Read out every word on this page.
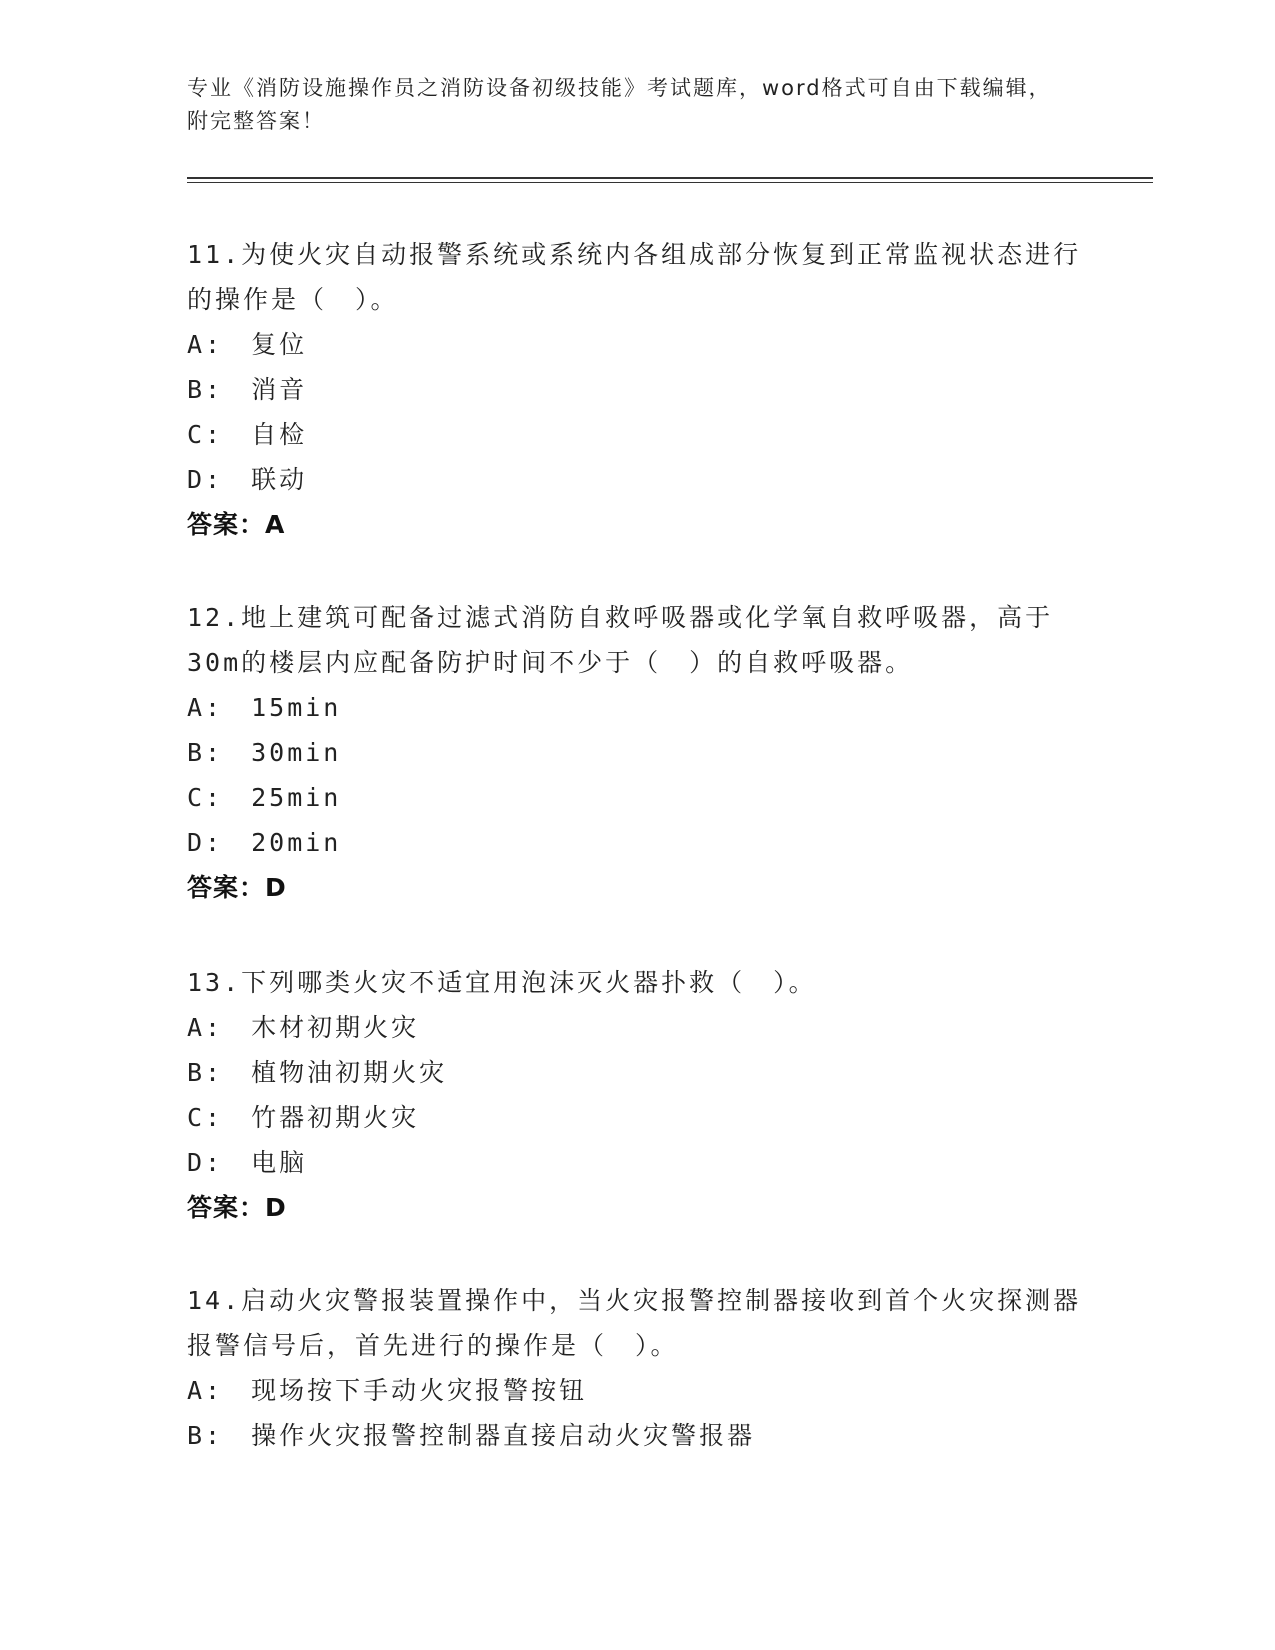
专业《消防设施操作员之消防设备初级技能》考试题库，word格式可自由下载编辑，附完整答案！

11.为使火灾自动报警系统或系统内各组成部分恢复到正常监视状态进行的操作是（　）。

A:　复位

B:　消音

C:　自检

D:　联动

答案：A

12.地上建筑可配备过滤式消防自救呼吸器或化学氧自救呼吸器，高于30m的楼层内应配备防护时间不少于（　）的自救呼吸器。

A:　15min

B:　30min

C:　25min

D:　20min

答案：D

13.下列哪类火灾不适宜用泡沫灭火器扑救（　）。

A:　木材初期火灾

B:　植物油初期火灾

C:　竹器初期火灾

D:　电脑

答案：D

14.启动火灾警报装置操作中，当火灾报警控制器接收到首个火灾探测器报警信号后，首先进行的操作是（　）。

A:　现场按下手动火灾报警按钮

B:　操作火灾报警控制器直接启动火灾警报器
